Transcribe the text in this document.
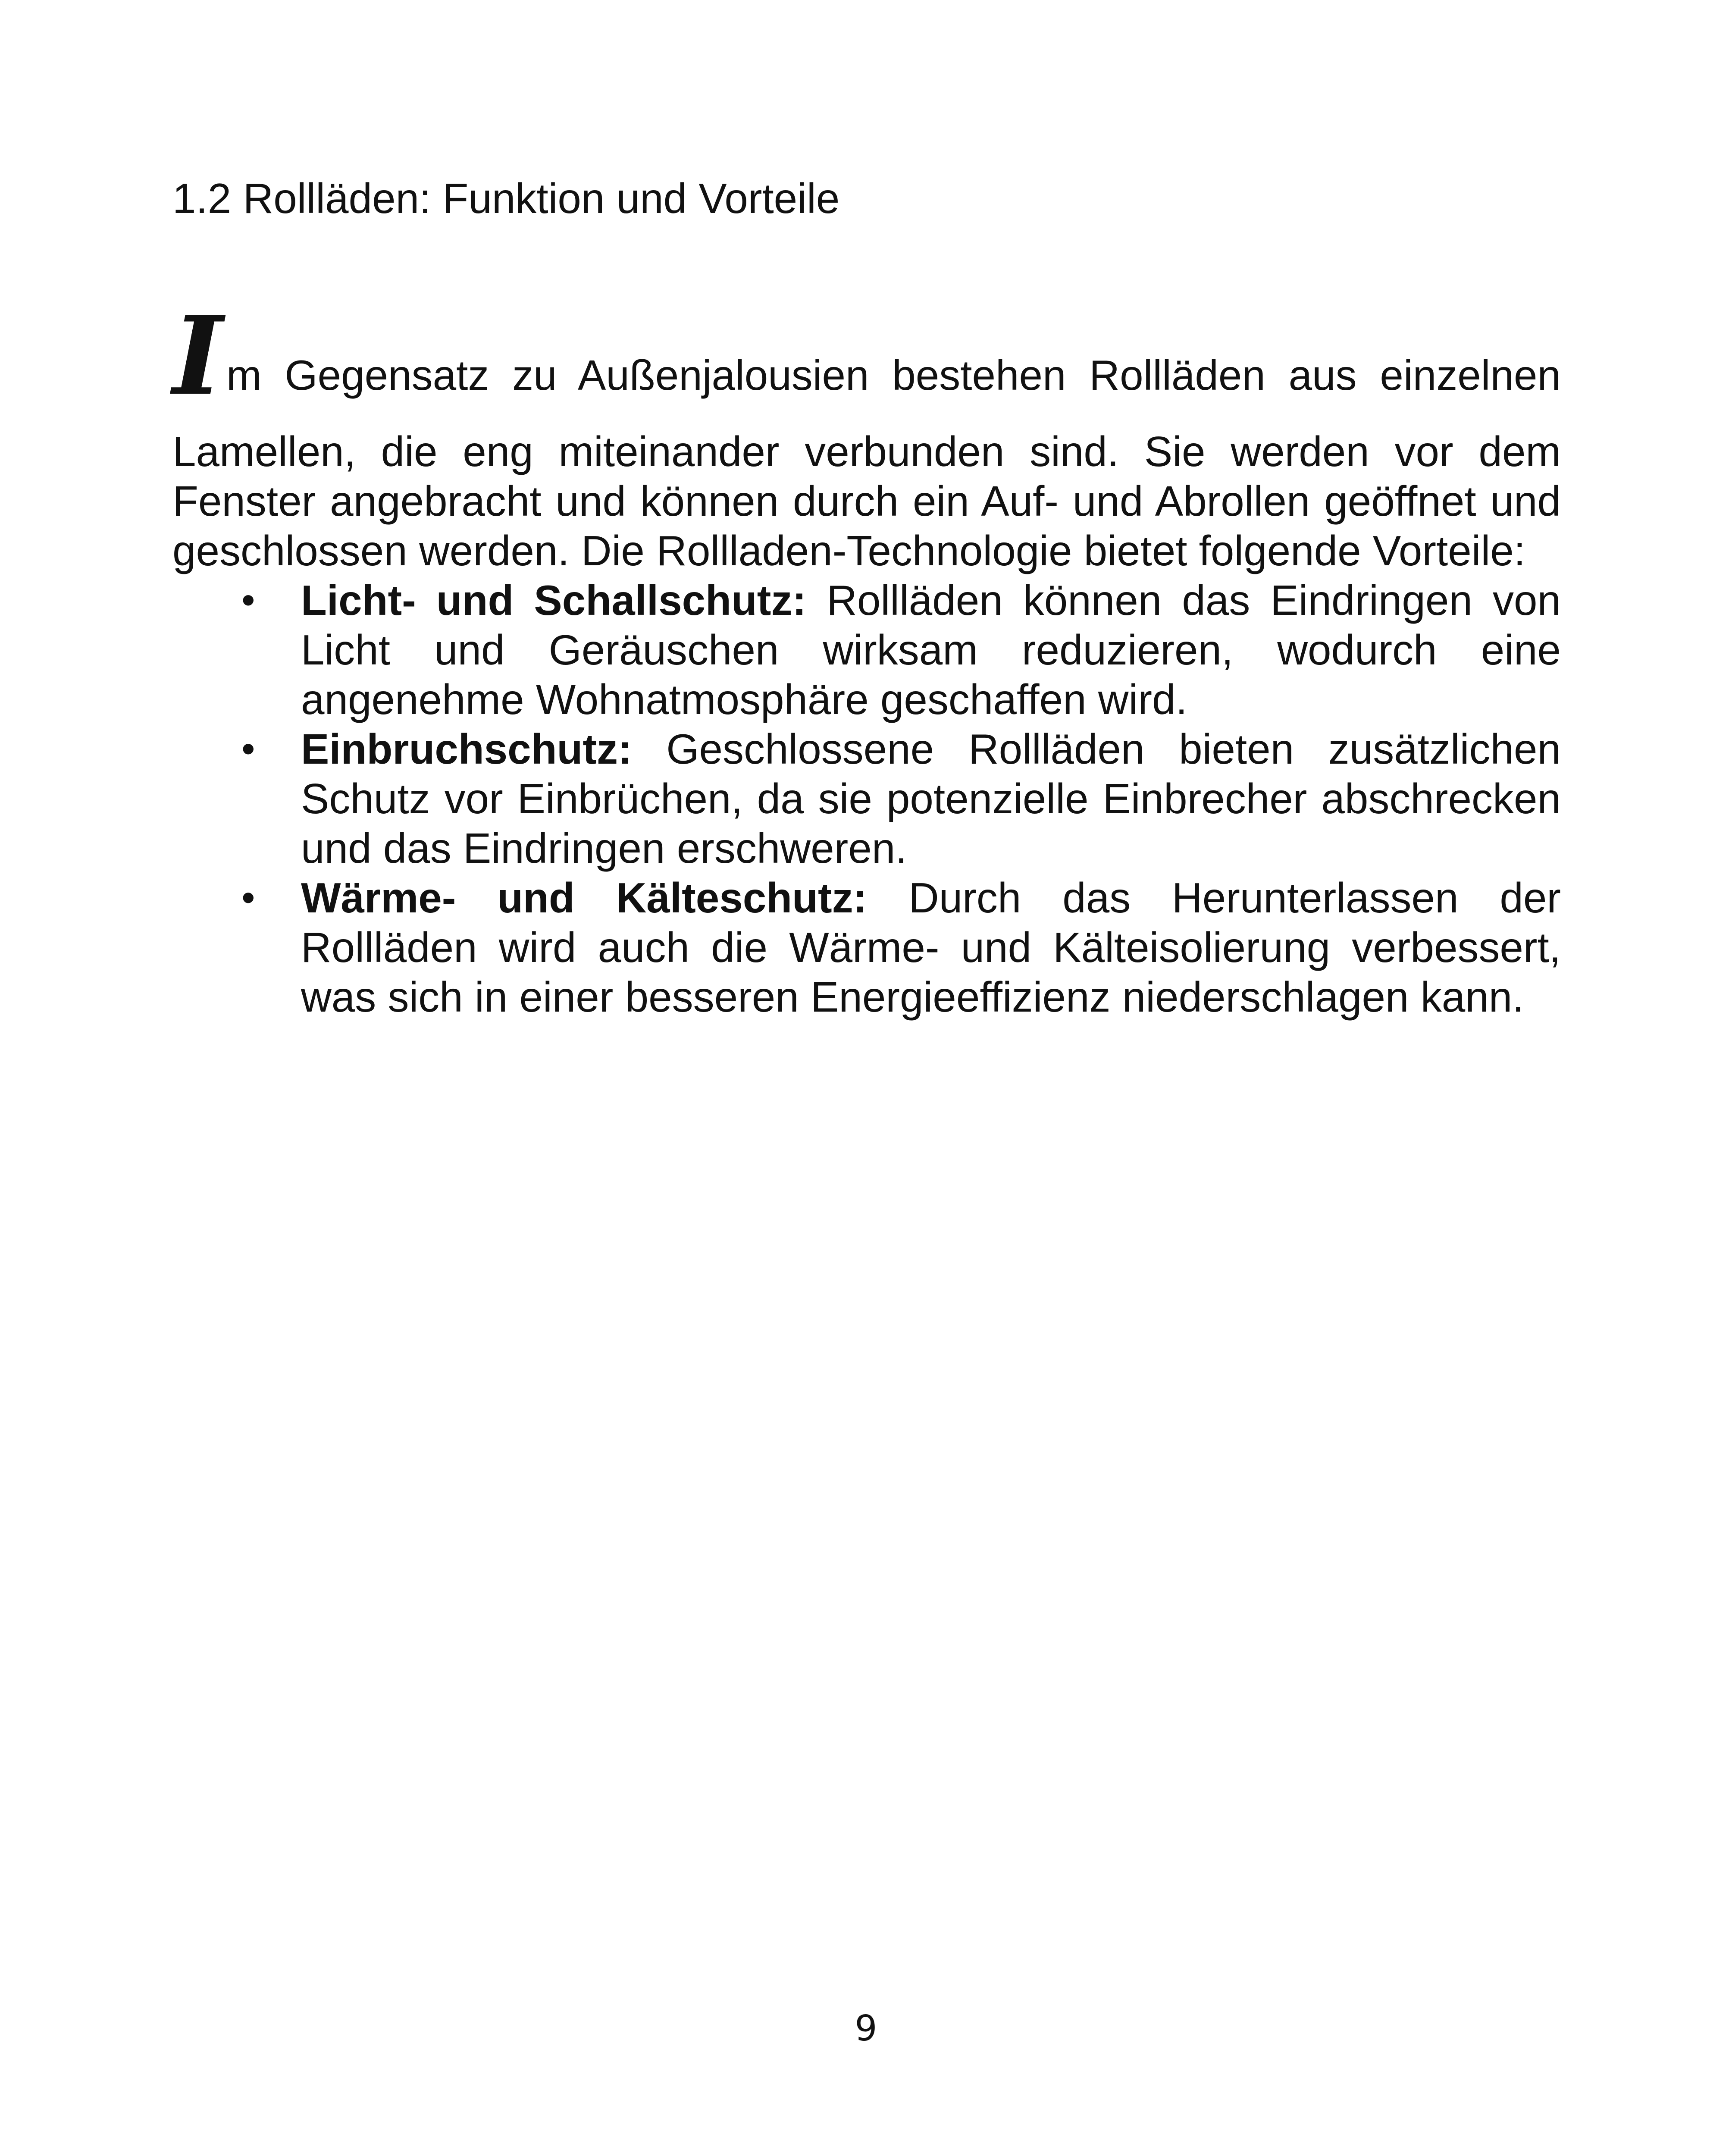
1.2 Rollläden: Funktion und Vorteile
I m Gegensatz zu Außenjalousien bestehen Rollläden aus einzelnen
Lamellen, die eng miteinander verbunden sind. Sie werden vor dem Fenster angebracht und können durch ein Auf- und Abrollen geöffnet und geschlossen werden. Die Rollladen-Technologie bietet folgende Vorteile:
• Licht- und Schallschutz: Rollläden können das Eindringen von Licht und Geräuschen wirksam reduzieren, wodurch eine angenehme Wohnatmosphäre geschaffen wird.
• Einbruchschutz: Geschlossene Rollläden bieten zusätzlichen Schutz vor Einbrüchen, da sie potenzielle Einbrecher abschrecken und das Eindringen erschweren.
• Wärme- und Kälteschutz: Durch das Herunterlassen der Rollläden wird auch die Wärme- und Kälteisolierung verbessert, was sich in einer besseren Energieeffizienz niederschlagen kann.
9
